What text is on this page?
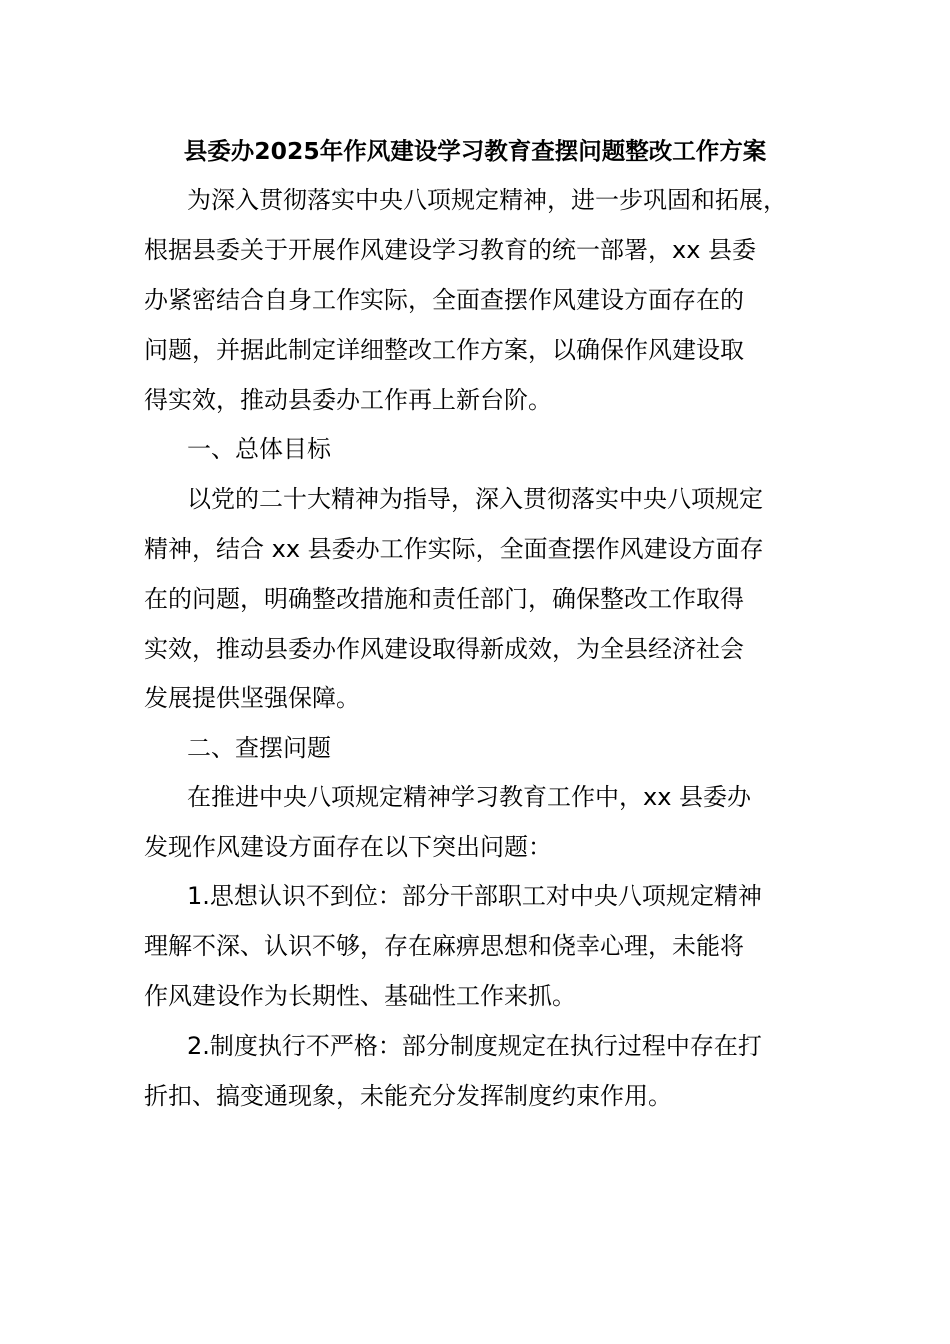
县委办2025年作风建设学习教育查摆问题整改工作方案
为深入贯彻落实中央八项规定精神，进一步巩固和拓展，
根据县委关于开展作风建设学习教育的统一部署，xx 县委
办紧密结合自身工作实际，全面查摆作风建设方面存在的
问题，并据此制定详细整改工作方案，以确保作风建设取
得实效，推动县委办工作再上新台阶。
一、总体目标
以党的二十大精神为指导，深入贯彻落实中央八项规定
精神，结合 xx 县委办工作实际，全面查摆作风建设方面存
在的问题，明确整改措施和责任部门，确保整改工作取得
实效，推动县委办作风建设取得新成效，为全县经济社会
发展提供坚强保障。
二、查摆问题
在推进中央八项规定精神学习教育工作中，xx 县委办
发现作风建设方面存在以下突出问题：
1.思想认识不到位：部分干部职工对中央八项规定精神
理解不深、认识不够，存在麻痹思想和侥幸心理，未能将
作风建设作为长期性、基础性工作来抓。
2.制度执行不严格：部分制度规定在执行过程中存在打
折扣、搞变通现象，未能充分发挥制度约束作用。
